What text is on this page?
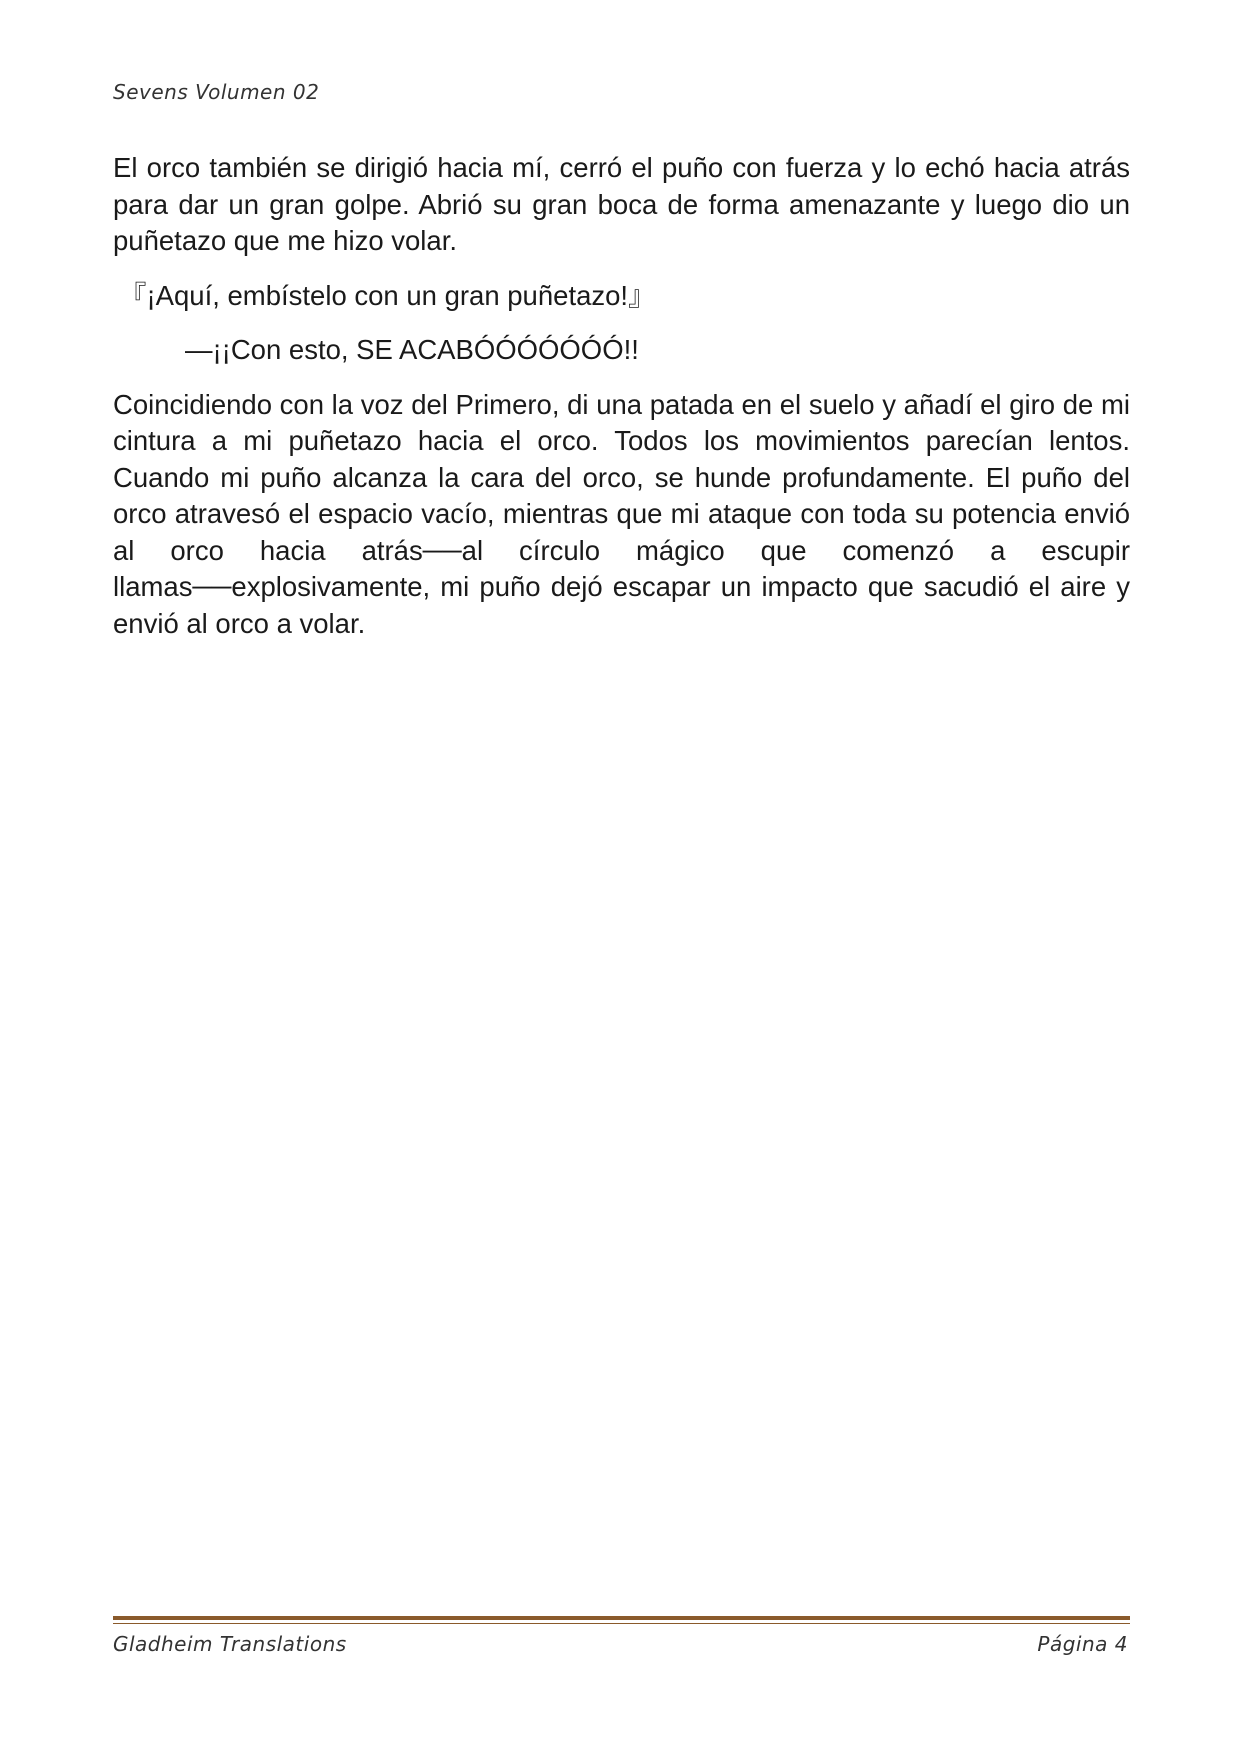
Sevens Volumen 02

El orco también se dirigió hacia mí, cerró el puño con fuerza y lo echó hacia atrás para dar un gran golpe. Abrió su gran boca de forma amenazante y luego dio un puñetazo que me hizo volar.

『¡Aquí, embístelo con un gran puñetazo!』

—¡¡Con esto, SE ACABÓÓÓÓÓÓÓ!!

Coincidiendo con la voz del Primero, di una patada en el suelo y añadí el giro de mi cintura a mi puñetazo hacia el orco. Todos los movimientos parecían lentos. Cuando mi puño alcanza la cara del orco, se hunde profundamente. El puño del orco atravesó el espacio vacío, mientras que mi ataque con toda su potencia envió al orco hacia atrás──al círculo mágico que comenzó a escupir llamas──explosivamente, mi puño dejó escapar un impacto que sacudió el aire y envió al orco a volar.

Gladheim Translations	Página 4
